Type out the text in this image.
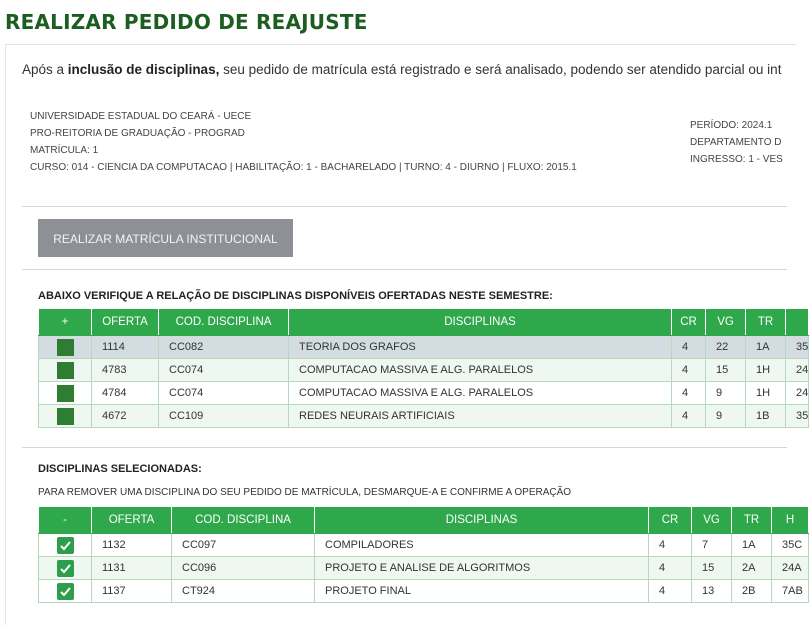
REALIZAR PEDIDO DE REAJUSTE
Após a inclusão de disciplinas, seu pedido de matrícula está registrado e será analisado, podendo ser atendido parcial ou int
UNIVERSIDADE ESTADUAL DO CEARÁ - UECE
PRO-REITORIA DE GRADUAÇÃO - PROGRAD
MATRÍCULA: 1
CURSO: 014 - CIENCIA DA COMPUTACAO | HABILITAÇÃO: 1 - BACHARELADO | TURNO: 4 - DIURNO | FLUXO: 2015.1
PERÍODO: 2024.1
DEPARTAMENTO D
INGRESSO: 1 - VES
REALIZAR MATRÍCULA INSTITUCIONAL
ABAIXO VERIFIQUE A RELAÇÃO DE DISCIPLINAS DISPONÍVEIS OFERTADAS NESTE SEMESTRE:
+	OFERTA	COD. DISCIPLINA	DISCIPLINAS	CR	VG	TR	
	1114	CC082	TEORIA DOS GRAFOS	4	22	1A	35
	4783	CC074	COMPUTACAO MASSIVA E ALG. PARALELOS	4	15	1H	24
	4784	CC074	COMPUTACAO MASSIVA E ALG. PARALELOS	4	9	1H	24
	4672	CC109	REDES NEURAIS ARTIFICIAIS	4	9	1B	35
DISCIPLINAS SELECIONADAS:
PARA REMOVER UMA DISCIPLINA DO SEU PEDIDO DE MATRÍCULA, DESMARQUE-A E CONFIRME A OPERAÇÃO
-	OFERTA	COD. DISCIPLINA	DISCIPLINAS	CR	VG	TR	H

	1132	CC097	COMPILADORES	4	7	1A	35C

	1131	CC096	PROJETO E ANALISE DE ALGORITMOS	4	15	2A	24A

	1137	CT924	PROJETO FINAL	4	13	2B	7AB
